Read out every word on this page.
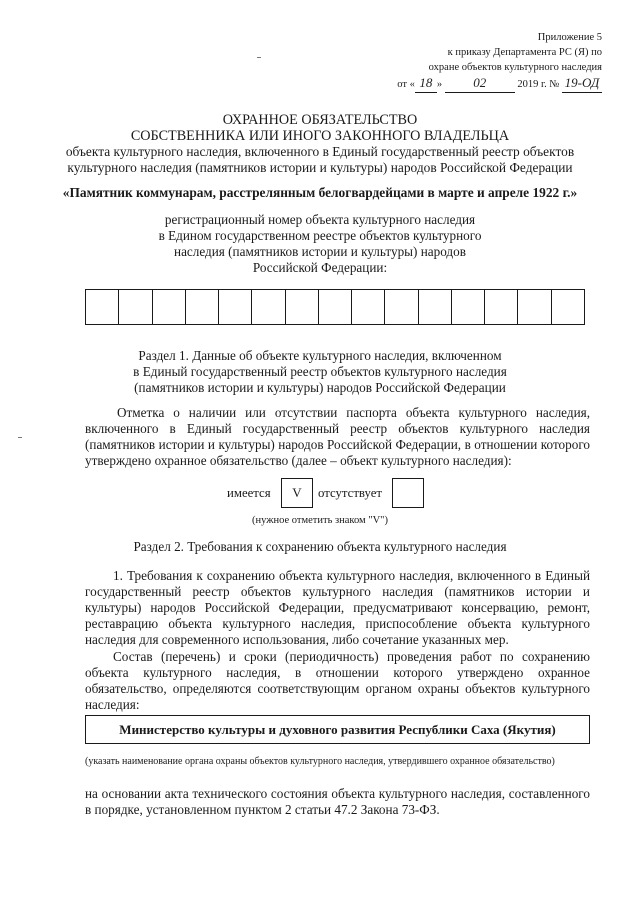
Приложение 5
к приказу Департамента РС (Я) по
охране объектов культурного наследия
от « 18 » 02	2019 г. № 19-ОД
ОХРАННОЕ ОБЯЗАТЕЛЬСТВО
СОБСТВЕННИКА ИЛИ ИНОГО ЗАКОННОГО ВЛАДЕЛЬЦА
объекта культурного наследия, включенного в Единый государственный реестр объектов
культурного наследия (памятников истории и культуры) народов Российской Федерации
«Памятник коммунарам, расстрелянным белогвардейцами в марте и апреле 1922 г.»
регистрационный номер объекта культурного наследия
в Едином государственном реестре объектов культурного
наследия (памятников истории и культуры) народов
Российской Федерации:
Раздел 1. Данные об объекте культурного наследия, включенном
в Единый государственный реестр объектов культурного наследия
(памятников истории и культуры) народов Российской Федерации
Отметка о наличии или отсутствии паспорта объекта культурного наследия, включенного в Единый государственный реестр объектов культурного наследия (памятников истории и культуры) народов Российской Федерации, в отношении которого утверждено охранное обязательство (далее – объект культурного наследия):
имеется	V	отсутствует
(нужное отметить знаком "V")
Раздел 2. Требования к сохранению объекта культурного наследия
1. Требования к сохранению объекта культурного наследия, включенного в Единый государственный реестр объектов культурного наследия (памятников истории и культуры) народов Российской Федерации, предусматривают консервацию, ремонт, реставрацию объекта культурного наследия, приспособление объекта культурного наследия для современного использования, либо сочетание указанных мер.
Состав (перечень) и сроки (периодичность) проведения работ по сохранению объекта культурного наследия, в отношении которого утверждено охранное обязательство, определяются соответствующим органом охраны объектов культурного наследия:
Министерство культуры и духовного развития Республики Саха (Якутия)
(указать наименование органа охраны объектов культурного наследия, утвердившего охранное обязательство)
на основании акта технического состояния объекта культурного наследия, составленного в порядке, установленном пунктом 2 статьи 47.2 Закона 73-ФЗ.
